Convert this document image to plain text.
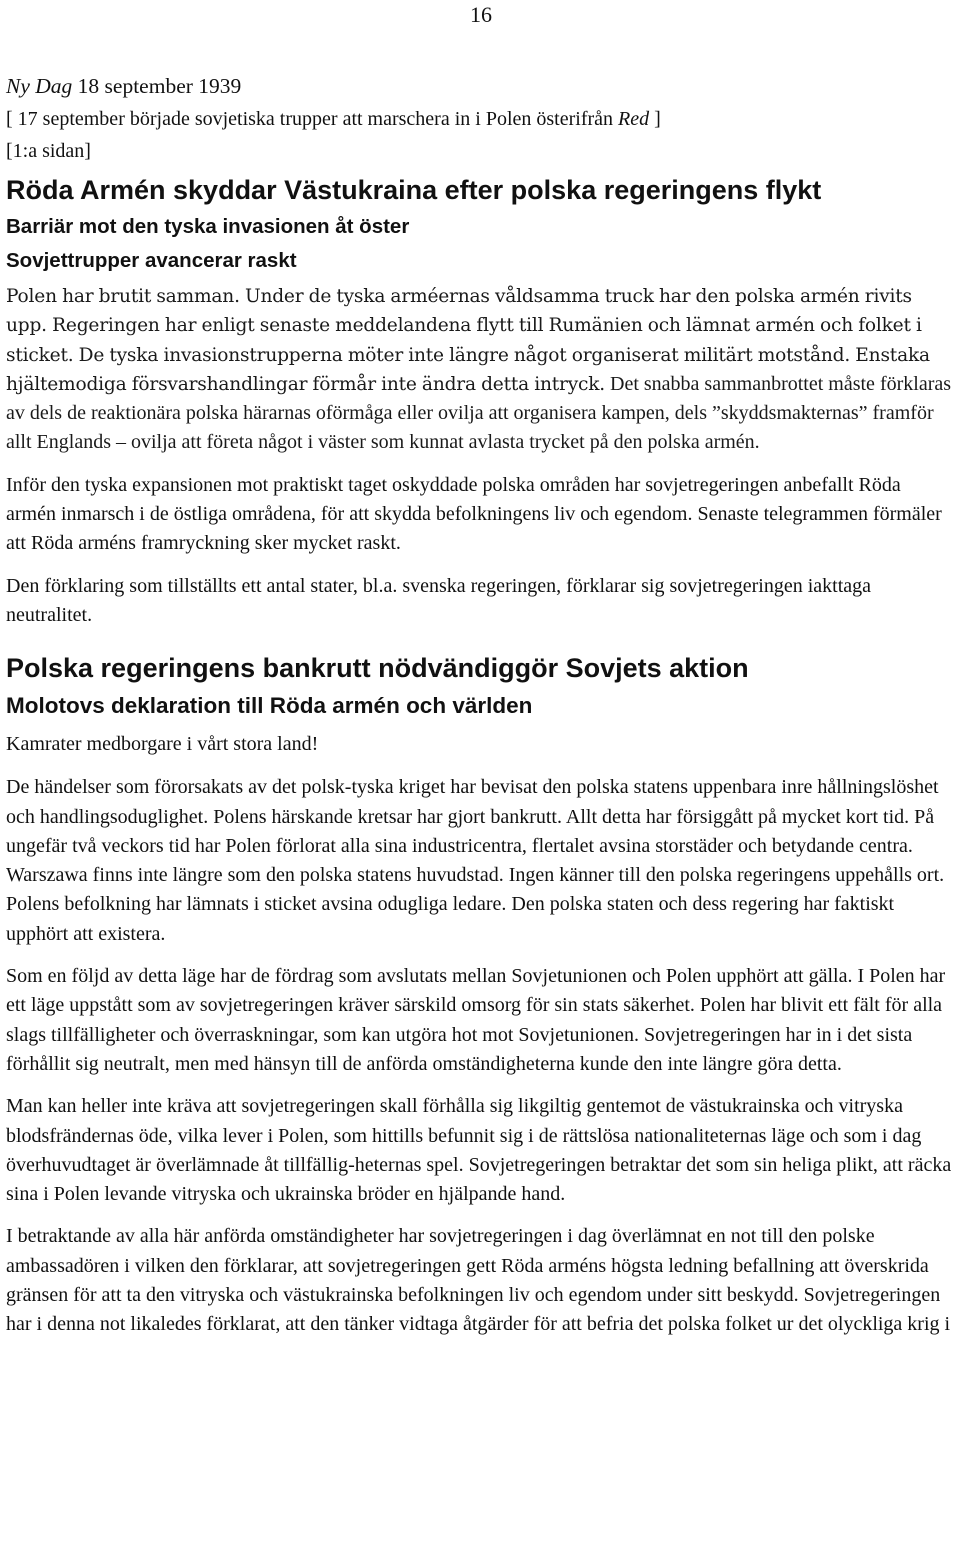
16

Ny Dag 18 september 1939

[ 17 september började sovjetiska trupper att marschera in i Polen österifrån Red ]

[1:a sidan]

Röda Armén skyddar Västukraina efter polska regeringens flykt
Barriär mot den tyska invasionen åt öster
Sovjettrupper avancerar raskt

Polen har brutit samman. Under de tyska arméernas våldsamma truck har den polska armén rivits upp. Regeringen har enligt senaste meddelandena flytt till Rumänien och lämnat armén och folket i sticket. De tyska invasionstrupperna möter inte längre något organiserat militärt motstånd. Enstaka hjältemodiga försvarshandlingar förmår inte ändra detta intryck. Det snabba sammanbrottet måste förklaras av dels de reaktionära polska härarnas oförmåga eller ovilja att organisera kampen, dels ”skyddsmakternas” framför allt Englands – ovilja att företa något i väster som kunnat avlasta trycket på den polska armén.

Inför den tyska expansionen mot praktiskt taget oskyddade polska områden har sovjetregeringen anbefallt Röda armén inmarsch i de östliga områdena, för att skydda befolkningens liv och egendom. Senaste telegrammen förmäler att Röda arméns framryckning sker mycket raskt.

Den förklaring som tillställts ett antal stater, bl.a. svenska regeringen, förklarar sig sovjetregeringen iakttaga neutralitet.

Polska regeringens bankrutt nödvändiggör Sovjets aktion
Molotovs deklaration till Röda armén och världen

Kamrater medborgare i vårt stora land!

De händelser som förorsakats av det polsk-tyska kriget har bevisat den polska statens uppenbara inre hållningslöshet och handlingsoduglighet. Polens härskande kretsar har gjort bankrutt. Allt detta har försiggått på mycket kort tid. På ungefär två veckors tid har Polen förlorat alla sina industricentra, flertalet avsina storstäder och betydande centra. Warszawa finns inte längre som den polska statens huvudstad. Ingen känner till den polska regeringens uppehålls ort. Polens befolkning har lämnats i sticket avsina odugliga ledare. Den polska staten och dess regering har faktiskt upphört att existera.

Som en följd av detta läge har de fördrag som avslutats mellan Sovjetunionen och Polen upphört att gälla. I Polen har ett läge uppstått som av sovjetregeringen kräver särskild omsorg för sin stats säkerhet. Polen har blivit ett fält för alla slags tillfälligheter och överraskningar, som kan utgöra hot mot Sovjetunionen. Sovjetregeringen har in i det sista förhållit sig neutralt, men med hänsyn till de anförda omständigheterna kunde den inte längre göra detta.

Man kan heller inte kräva att sovjetregeringen skall förhålla sig likgiltig gentemot de västukrainska och vitryska blodsfrändernas öde, vilka lever i Polen, som hittills befunnit sig i de rättslösa nationaliteternas läge och som i dag överhuvudtaget är överlämnade åt tillfällig-heternas spel. Sovjetregeringen betraktar det som sin heliga plikt, att räcka sina i Polen levande vitryska och ukrainska bröder en hjälpande hand.

I betraktande av alla här anförda omständigheter har sovjetregeringen i dag överlämnat en not till den polske ambassadören i vilken den förklarar, att sovjetregeringen gett Röda arméns högsta ledning befallning att överskrida gränsen för att ta den vitryska och västukrainska befolkningen liv och egendom under sitt beskydd. Sovjetregeringen har i denna not likaledes förklarat, att den tänker vidtaga åtgärder för att befria det polska folket ur det olyckliga krig i
